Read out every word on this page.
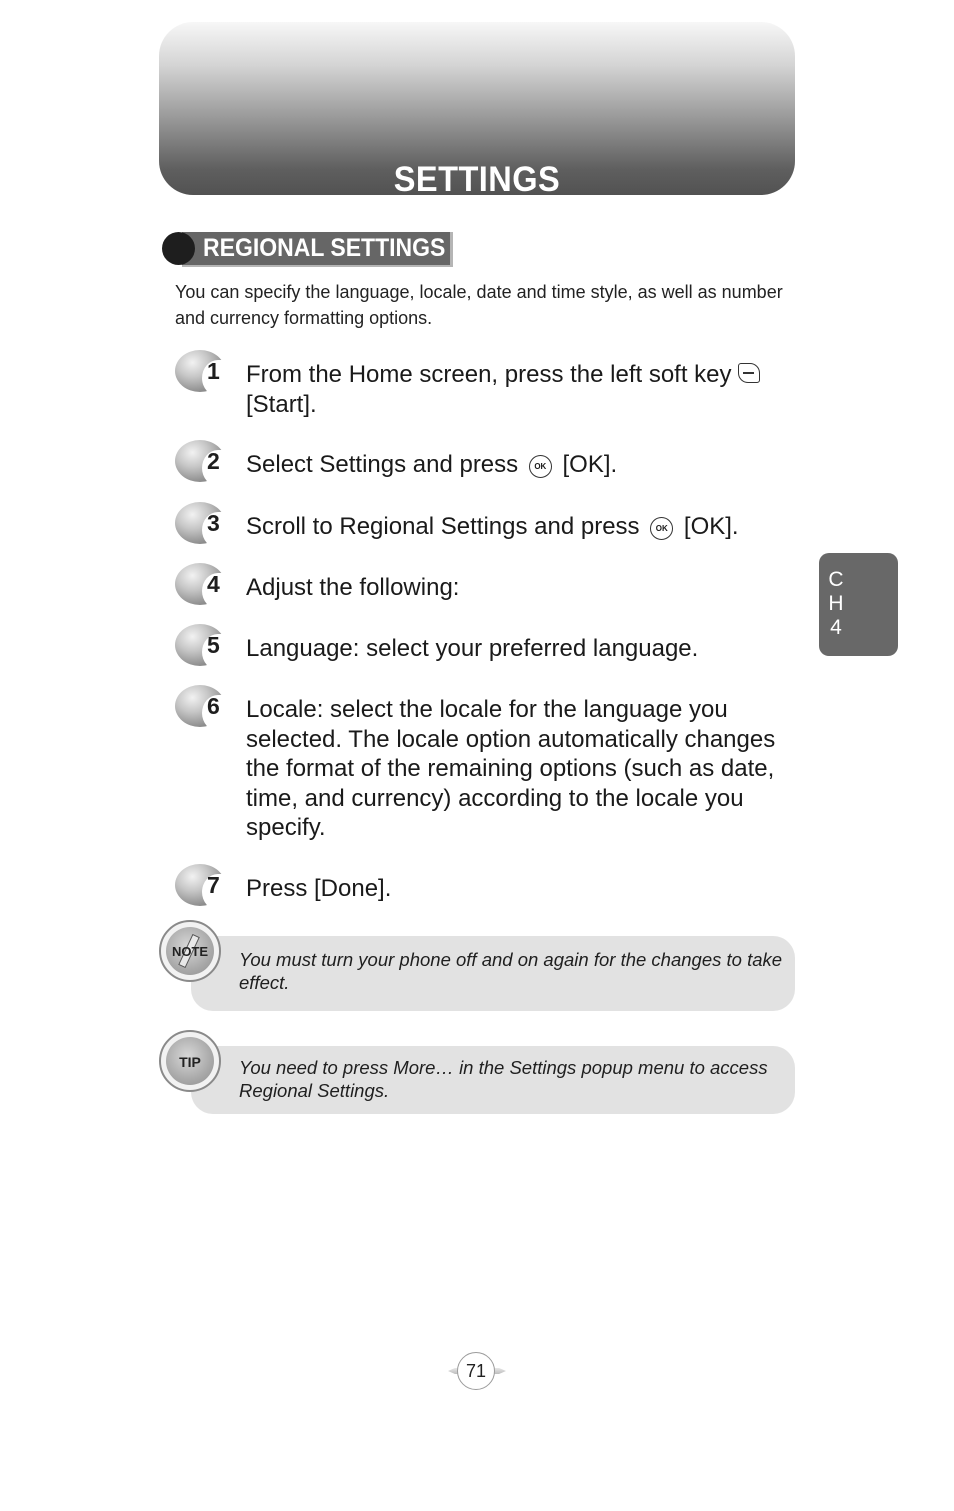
SETTINGS
REGIONAL SETTINGS
You can specify the language, locale, date and time style, as well as number and currency formatting options.
1 From the Home screen, press the left soft key
[Start].
2 Select Settings and press OK [OK].
3 Scroll to Regional Settings and press OK [OK].
4 Adjust the following:
5 Language: select your preferred language.
6 Locale: select the locale for the language you selected. The locale option automatically changes the format of the remaining options (such as date, time, and currency) according to the locale you specify.
7 Press [Done].
C
H
4
You must turn your phone off and on again for the changes to take effect.
NOTE
You need to press More… in the Settings popup menu to access Regional Settings.
TIP
71
